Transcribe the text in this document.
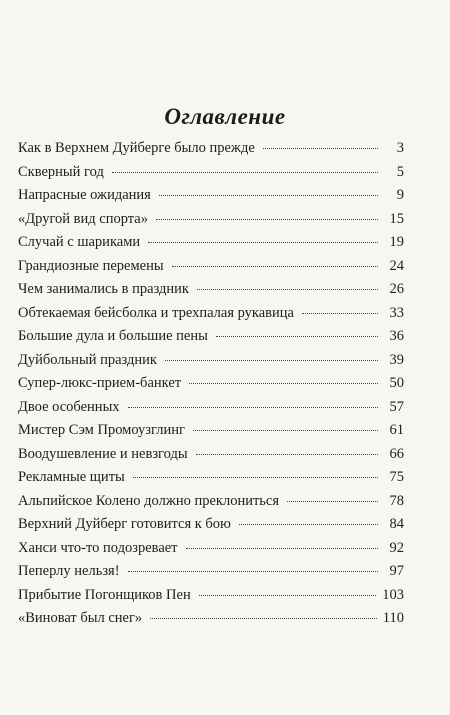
Оглавление
Как в Верхнем Дуйберге было прежде	3
Скверный год	5
Напрасные ожидания	9
«Другой вид спорта»	15
Случай с шариками	19
Грандиозные перемены	24
Чем занимались в праздник	26
Обтекаемая бейсболка и трехпалая рукавица	33
Большие дула и большие пены	36
Дуйбольный праздник	39
Супер-люкс-прием-банкет	50
Двое особенных	57
Мистер Сэм Промоузглинг	61
Воодушевление и невзгоды	66
Рекламные щиты	75
Альпийское Колено должно преклониться	78
Верхний Дуйберг готовится к бою	84
Ханси что-то подозревает	92
Пеперлу нельзя!	97
Прибытие Погонщиков Пен	103
«Виноват был снег»	110
